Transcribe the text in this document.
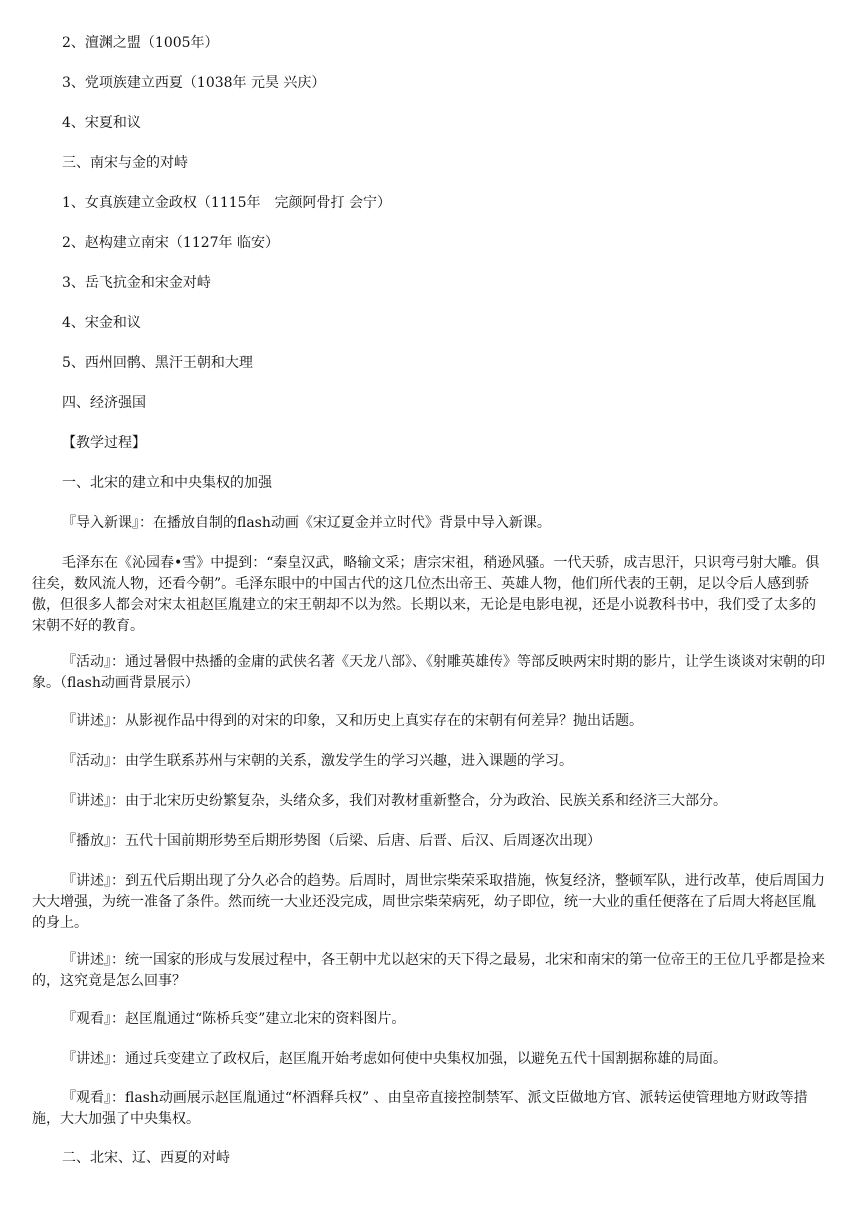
2、澶渊之盟（1005年）

3、党项族建立西夏（1038年 元昊 兴庆）

4、宋夏和议

三、南宋与金的对峙

1、女真族建立金政权（1115年　完颜阿骨打 会宁）

2、赵构建立南宋（1127年 临安）

3、岳飞抗金和宋金对峙

4、宋金和议

5、西州回鹘、黑汗王朝和大理

四、经济强国

【教学过程】

一、北宋的建立和中央集权的加强

『导入新课』：在播放自制的flash动画《宋辽夏金并立时代》背景中导入新课。

毛泽东在《沁园春•雪》中提到：“秦皇汉武，略输文采；唐宗宋祖，稍逊风骚。一代天骄，成吉思汗，只识弯弓射大雕。俱往矣，数风流人物，还看今朝”。毛泽东眼中的中国古代的这几位杰出帝王、英雄人物，他们所代表的王朝，足以令后人感到骄傲，但很多人都会对宋太祖赵匡胤建立的宋王朝却不以为然。长期以来，无论是电影电视，还是小说教科书中，我们受了太多的宋朝不好的教育。

『活动』：通过暑假中热播的金庸的武侠名著《天龙八部》、《射雕英雄传》等部反映两宋时期的影片，让学生谈谈对宋朝的印象。（flash动画背景展示）

『讲述』：从影视作品中得到的对宋的印象，又和历史上真实存在的宋朝有何差异？抛出话题。

『活动』：由学生联系苏州与宋朝的关系，激发学生的学习兴趣，进入课题的学习。

『讲述』：由于北宋历史纷繁复杂，头绪众多，我们对教材重新整合，分为政治、民族关系和经济三大部分。

『播放』：五代十国前期形势至后期形势图（后梁、后唐、后晋、后汉、后周逐次出现）

『讲述』：到五代后期出现了分久必合的趋势。后周时，周世宗柴荣采取措施，恢复经济，整顿军队，进行改革，使后周国力大大增强，为统一准备了条件。然而统一大业还没完成，周世宗柴荣病死，幼子即位，统一大业的重任便落在了后周大将赵匡胤的身上。

『讲述』：统一国家的形成与发展过程中，各王朝中尤以赵宋的天下得之最易，北宋和南宋的第一位帝王的王位几乎都是捡来的，这究竟是怎么回事？

『观看』：赵匡胤通过“陈桥兵变”建立北宋的资料图片。

『讲述』：通过兵变建立了政权后，赵匡胤开始考虑如何使中央集权加强，以避免五代十国割据称雄的局面。

『观看』：flash动画展示赵匡胤通过“杯酒释兵权” 、由皇帝直接控制禁军、派文臣做地方官、派转运使管理地方财政等措施，大大加强了中央集权。

二、北宋、辽、西夏的对峙
